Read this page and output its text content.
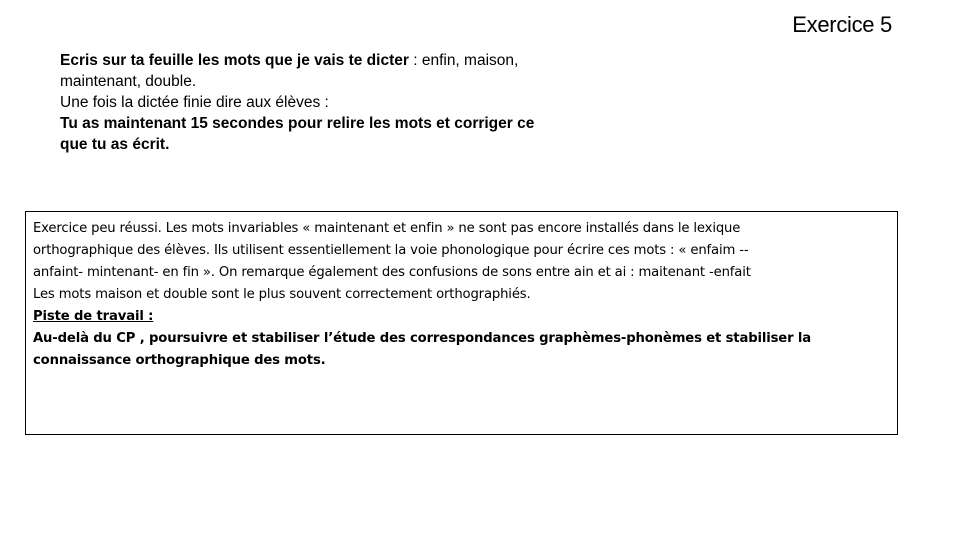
Exercice 5

Ecris sur ta feuille les mots que je vais te dicter : enfin, maison, maintenant, double.

Une fois la dictée finie dire aux élèves :

Tu as maintenant 15 secondes pour relire les mots et corriger ce que tu as écrit.

Exercice peu réussi. Les mots invariables « maintenant et enfin » ne sont pas encore installés dans le lexique
orthographique des élèves. Ils utilisent essentiellement la voie phonologique pour écrire ces mots : « enfaim --
anfaint- mintenant- en fin ». On remarque également des confusions de sons entre ain et ai : maitenant -enfait
Les mots maison et double sont le plus souvent correctement orthographiés.

Piste de travail :
Au-delà du CP , poursuivre et stabiliser l’étude des correspondances graphèmes-phonèmes et stabiliser la
connaissance orthographique des mots.
